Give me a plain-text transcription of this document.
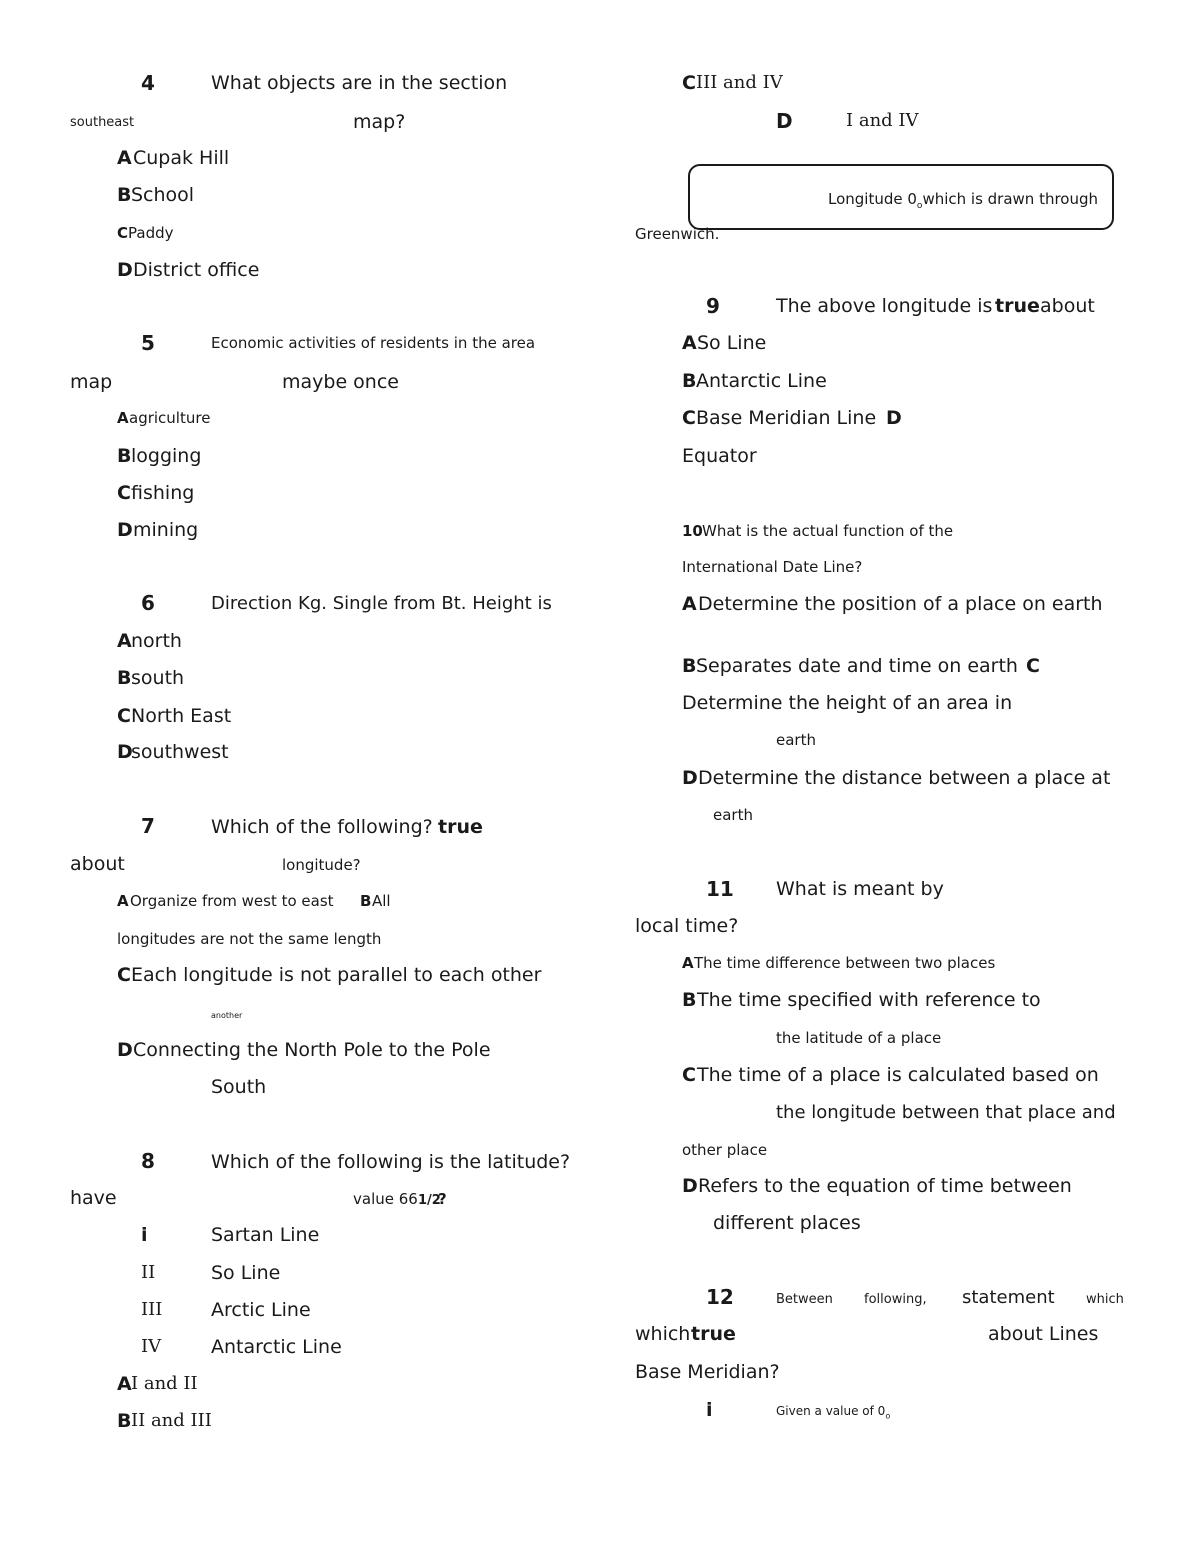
4	What objects are in the section
southeast	map?
A Cupak Hill
B School
C Paddy
D District office
5	Economic activities of residents in the area
map	maybe once
A agriculture
B logging
C fishing
D mining
6	Direction Kg. Single from Bt. Height is
A north
B south
C North East
D
southwest
7	Which of the following? true
about	longitude?
A Organize from west to east B All
longitudes are not the same length
C Each longitude is not parallel to each other
another
D Connecting the North Pole to the Pole
South
8	Which of the following is the latitude?
have	value 66 1/2
?
i	Sartan Line
II	So Line
III	Arctic Line
IV	Antarctic Line
A I and II
B II and III
C III and IV
D	I and IV
Longitude $0_owhich$ is drawn through
Greenwich.
9	The above longitude is true about
A So Line
B Antarctic Line
C Base Meridian Line D
Equator
10 What is the actual function of the
International Date Line?
A Determine the position of a place on earth
B Separates date and time on earth C
Determine the height of an area in
earth
D Determine the distance between a place at
earth
11 What is meant by
local time?
A The time difference between two places
B The time specified with reference to
the latitude of a place
C The time of a place is calculated based on
the longitude between that place and
other place
D Refers to the equation of time between
different places
12	Between following, statement which
which true	about Lines
Base Meridian?
i	Given a value of $0_o$
